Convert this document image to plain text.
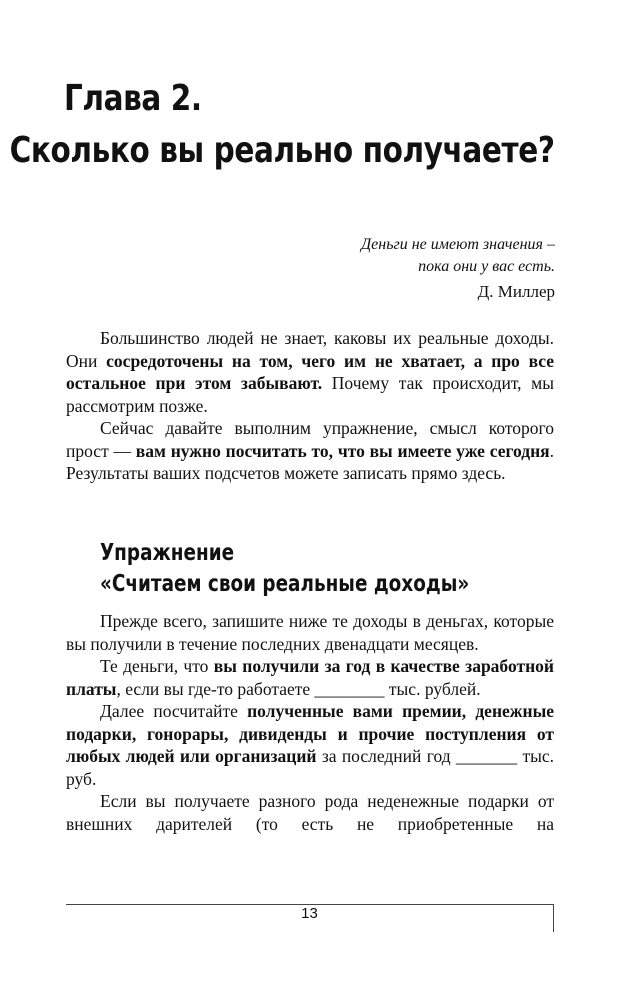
Глава 2.
Сколько вы реально получаете?
Деньги не имеют значения –
пока они у вас есть.
Д. Миллер

Большинство людей не знает, каковы их реальные доходы. Они сосредоточены на том, чего им не хватает, а про все остальное при этом забывают. Почему так происходит, мы рассмотрим позже.

Сейчас давайте выполним упражнение, смысл которого прост — вам нужно посчитать то, что вы имеете уже сегодня. Результаты ваших подсчетов можете записать прямо здесь.

Упражнение
«Считаем свои реальные доходы»

Прежде всего, запишите ниже те доходы в деньгах, которые вы получили в течение последних двенадцати месяцев.

Те деньги, что вы получили за год в качестве заработной платы, если вы где-то работаете ________ тыс. рублей.

Далее посчитайте полученные вами премии, денежные подарки, гонорары, дивиденды и прочие поступления от любых людей или организаций за последний год _______ тыс. руб.

Если вы получаете разного рода неденежные подарки от внешних дарителей (то есть не приобретенные на

13
